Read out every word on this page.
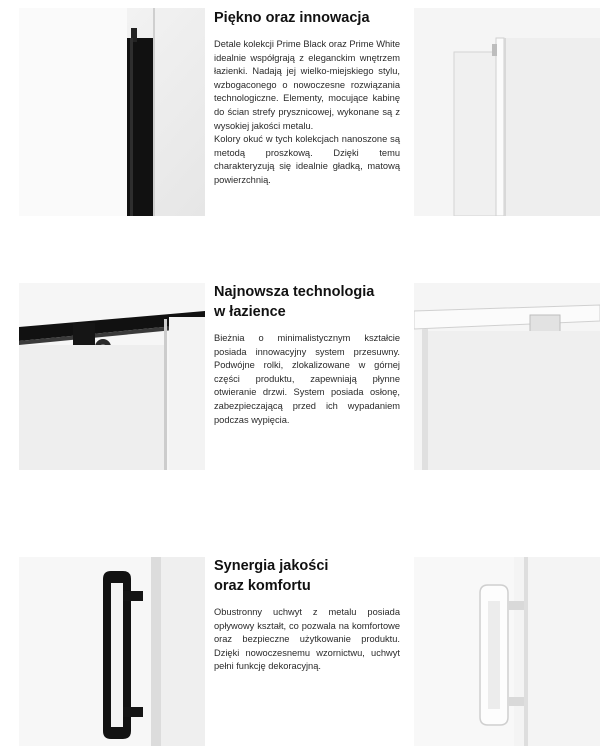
Piękno oraz innowacja

Detale kolekcji Prime Black oraz Prime White idealnie współgrają z eleganckim wnętrzem łazienki. Nadają jej wielko-miejskiego stylu, wzbogaconego o nowoczesne rozwiązania technologiczne. Elementy, mocujące kabinę do ścian strefy prysznicowej, wykonane są z wysokiej jakości metalu.

Kolory okuć w tych kolekcjach nanoszone są metodą proszkową. Dzięki temu charakteryzują się idealnie gładką, matową powierzchnią.

Najnowsza technologia
w łazience

Bieżnia o minimalistycznym kształcie posiada innowacyjny system przesuwny. Podwójne rolki, zlokalizowane w górnej części produktu, zapewniają płynne otwieranie drzwi. System posiada osłonę, zabezpieczającą przed ich wypadaniem podczas wypięcia.

Synergia jakości
oraz komfortu

Obustronny uchwyt z metalu posiada opływowy kształt, co pozwala na komfortowe oraz bezpieczne użytkowanie produktu. Dzięki nowoczesnemu wzornictwu, uchwyt pełni funkcję dekoracyjną.
